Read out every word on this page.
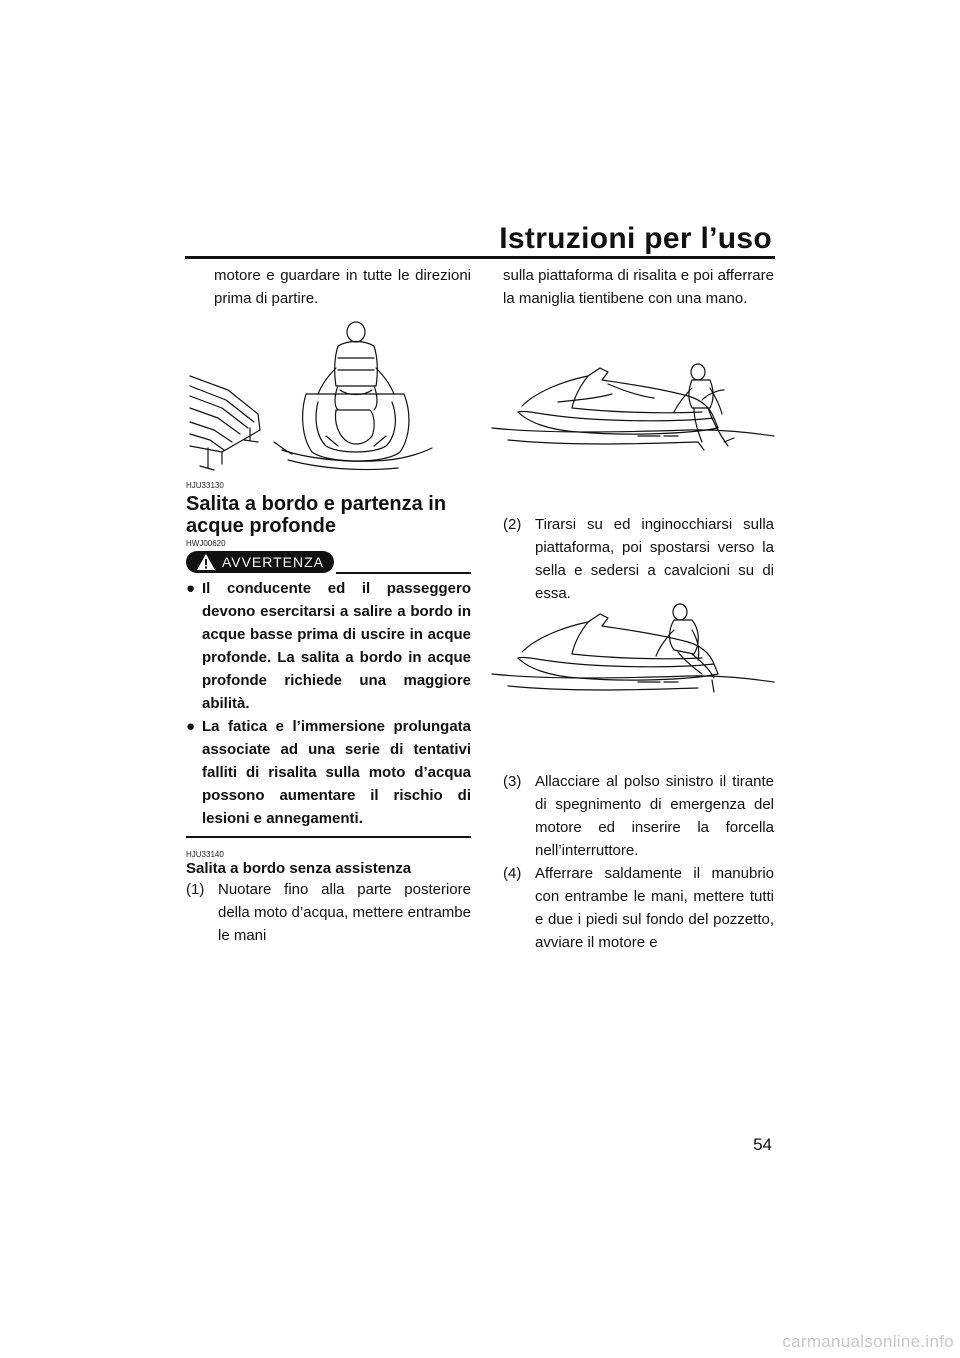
Istruzioni per l’uso

motore e guardare in tutte le direzioni prima di partire.

HJU33130

Salita a bordo e partenza in acque profonde

HWJ00620

AVVERTENZA
● Il conducente ed il passeggero devono esercitarsi a salire a bordo in acque basse prima di uscire in acque profonde. La salita a bordo in acque profonde richiede una maggiore abilità.
● La fatica e l’immersione prolungata associate ad una serie di tentativi falliti di risalita sulla moto d’acqua possono aumentare il rischio di lesioni e annegamenti.

HJU33140

Salita a bordo senza assistenza
(1) Nuotare fino alla parte posteriore della moto d’acqua, mettere entrambe le mani

sulla piattaforma di risalita e poi afferrare la maniglia tientibene con una mano.

(2) Tirarsi su ed inginocchiarsi sulla piattaforma, poi spostarsi verso la sella e sedersi a cavalcioni su di essa.
(3) Allacciare al polso sinistro il tirante di spegnimento di emergenza del motore ed inserire la forcella nell’interruttore.
(4) Afferrare saldamente il manubrio con entrambe le mani, mettere tutti e due i piedi sul fondo del pozzetto, avviare il motore e
54
carmanualsonline.info
